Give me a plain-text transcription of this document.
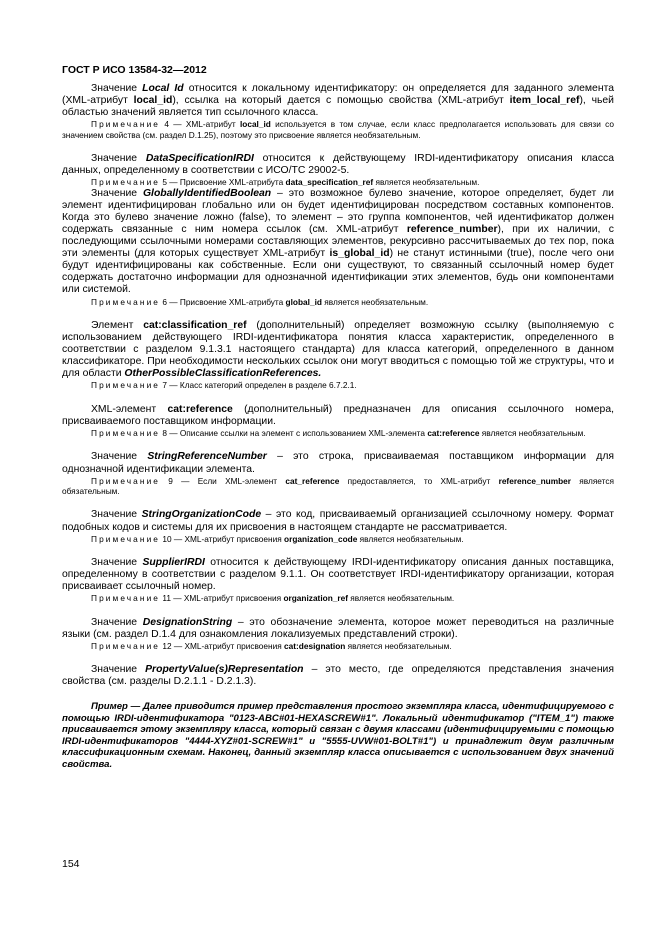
ГОСТ Р ИСО 13584-32—2012

Значение Local Id относится к локальному идентификатору: он определяется для заданного элемента (XML-атрибут local_id), ссылка на который дается с помощью свойства (XML-атрибут item_local_ref), чьей областью значений является тип ссылочного класса.

Примечание 4 — XML-атрибут local_id используется в том случае, если класс предполагается использовать для связи со значением свойства (см. раздел D.1.25), поэтому это присвоение является необязательным.

Значение DataSpecificationIRDI относится к действующему IRDI-идентификатору описания класса данных, определенному в соответствии с ИСО/ТС 29002-5.

Примечание 5 — Присвоение XML-атрибута data_specification_ref является необязательным.

Значение GloballyIdentifiedBoolean – это возможное булево значение, которое определяет, будет ли элемент идентифицирован глобально или он будет идентифицирован посредством составных компонентов. Когда это булево значение ложно (false), то элемент – это группа компонентов, чей идентификатор должен содержать связанные с ним номера ссылок (см. XML-атрибут reference_number), при их наличии, с последующими ссылочными номерами составляющих элементов, рекурсивно рассчитываемых до тех пор, пока эти элементы (для которых существует XML-атрибут is_global_id) не станут истинными (true), после чего они будут идентифицированы как собственные. Если они существуют, то связанный ссылочный номер будет содержать достаточно информации для однозначной идентификации этих элементов, будь они компонентами или системой.

Примечание 6 — Присвоение XML-атрибута global_id является необязательным.

Элемент cat:classification_ref (дополнительный) определяет возможную ссылку (выполняемую с использованием действующего IRDI-идентификатора понятия класса характеристик, определенного в соответствии с разделом 9.1.3.1 настоящего стандарта) для класса категорий, определенного в данном классификаторе. При необходимости нескольких ссылок они могут вводиться с помощью той же структуры, что и для области OtherPossibleClassificationReferences.

Примечание 7 — Класс категорий определен в разделе 6.7.2.1.

XML-элемент cat:reference (дополнительный) предназначен для описания ссылочного номера, присваиваемого поставщиком информации.

Примечание 8 — Описание ссылки на элемент с использованием XML-элемента cat:reference является необязательным.

Значение StringReferenceNumber – это строка, присваиваемая поставщиком информации для однозначной идентификации элемента.

Примечание 9 — Если XML-элемент cat_reference предоставляется, то XML-атрибут reference_number является обязательным.

Значение StringOrganizationCode – это код, присваиваемый организацией ссылочному номеру. Формат подобных кодов и системы для их присвоения в настоящем стандарте не рассматривается.

Примечание 10 — XML-атрибут присвоения organization_code является необязательным.

Значение SupplierIRDI относится к действующему IRDI-идентификатору описания данных поставщика, определенному в соответствии с разделом 9.1.1. Он соответствует IRDI-идентификатору организации, которая присваивает ссылочный номер.

Примечание 11 — XML-атрибут присвоения organization_ref является необязательным.

Значение DesignationString – это обозначение элемента, которое может переводиться на различные языки (см. раздел D.1.4 для ознакомления локализуемых представлений строки).

Примечание 12 — XML-атрибут присвоения cat:designation является необязательным.

Значение PropertyValue(s)Representation – это место, где определяются представления значения свойства (см. разделы D.2.1.1 - D.2.1.3).

Пример — Далее приводится пример представления простого экземпляра класса, идентифицируемого с помощью IRDI-идентификатора "0123-ABC#01-HEXASCREW#1". Локальный идентификатор ("ITEM_1") также присваивается этому экземпляру класса, который связан с двумя классами (идентифицируемыми с помощью IRDI-идентификаторов "4444-XYZ#01-SCREW#1" и "5555-UVW#01-BOLT#1") и принадлежит двум различным классификационным схемам. Наконец, данный экземпляр класса описывается с использованием двух значений свойства.

154
